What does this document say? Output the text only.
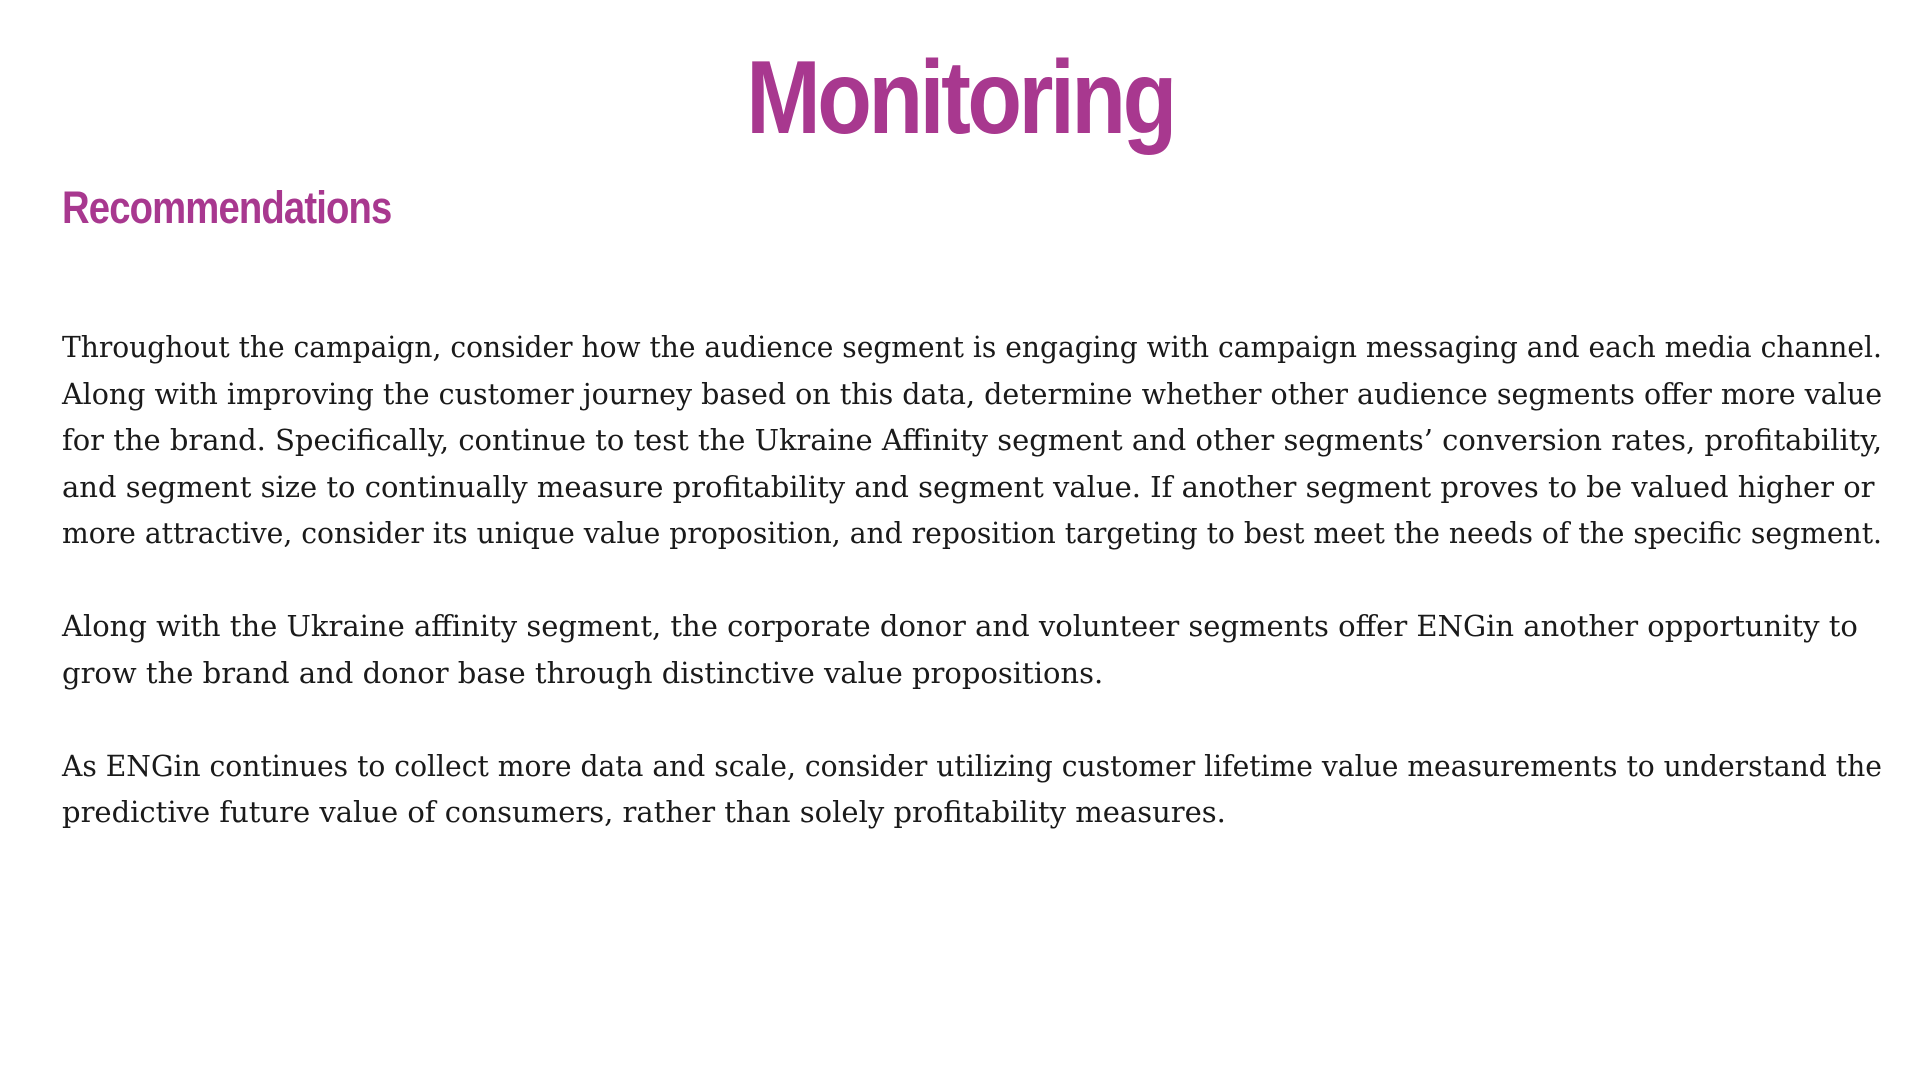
Monitoring
Recommendations

Throughout the campaign, consider how the audience segment is engaging with campaign messaging and each media channel.
Along with improving the customer journey based on this data, determine whether other audience segments offer more value
for the brand. Specifically, continue to test the Ukraine Affinity segment and other segments’ conversion rates, profitability,
and segment size to continually measure profitability and segment value. If another segment proves to be valued higher or
more attractive, consider its unique value proposition, and reposition targeting to best meet the needs of the specific segment.

Along with the Ukraine affinity segment, the corporate donor and volunteer segments offer ENGin another opportunity to
grow the brand and donor base through distinctive value propositions.

As ENGin continues to collect more data and scale, consider utilizing customer lifetime value measurements to understand the
predictive future value of consumers, rather than solely profitability measures.
